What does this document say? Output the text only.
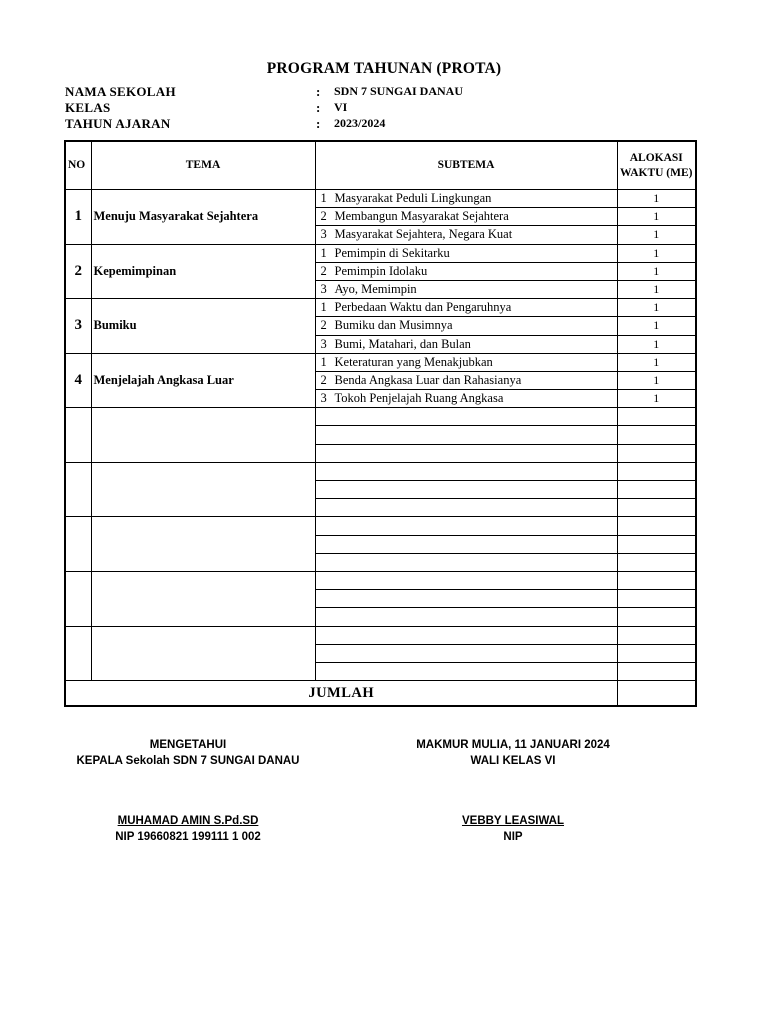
PROGRAM TAHUNAN (PROTA)
NAMA SEKOLAH	: SDN 7 SUNGAI DANAU
KELAS	: VI
TAHUN AJARAN	: 2023/2024
NO	TEMA	SUBTEMA	ALOKASI WAKTU (ME)
1	Menuju Masyarakat Sejahtera	1 Masyarakat Peduli Lingkungan	1
		2 Membangun Masyarakat Sejahtera	1
		3 Masyarakat Sejahtera, Negara Kuat	1
2	Kepemimpinan	1 Pemimpin di Sekitarku	1
		2 Pemimpin Idolaku	1
		3 Ayo, Memimpin	1
3	Bumiku	1 Perbedaan Waktu dan Pengaruhnya	1
		2 Bumiku dan Musimnya	1
		3 Bumi, Matahari, dan Bulan	1
4	Menjelajah Angkasa Luar	1 Keteraturan yang Menakjubkan	1
		2 Benda Angkasa Luar dan Rahasianya	1
		3 Tokoh Penjelajah Ruang Angkasa	1

JUMLAH			
MENGETAHUI
KEPALA Sekolah SDN 7 SUNGAI DANAU
MUHAMAD AMIN S.Pd.SD
NIP 19660821 199111 1 002
MAKMUR MULIA, 11 JANUARI 2024
WALI KELAS VI
VEBBY LEASIWAL
NIP
